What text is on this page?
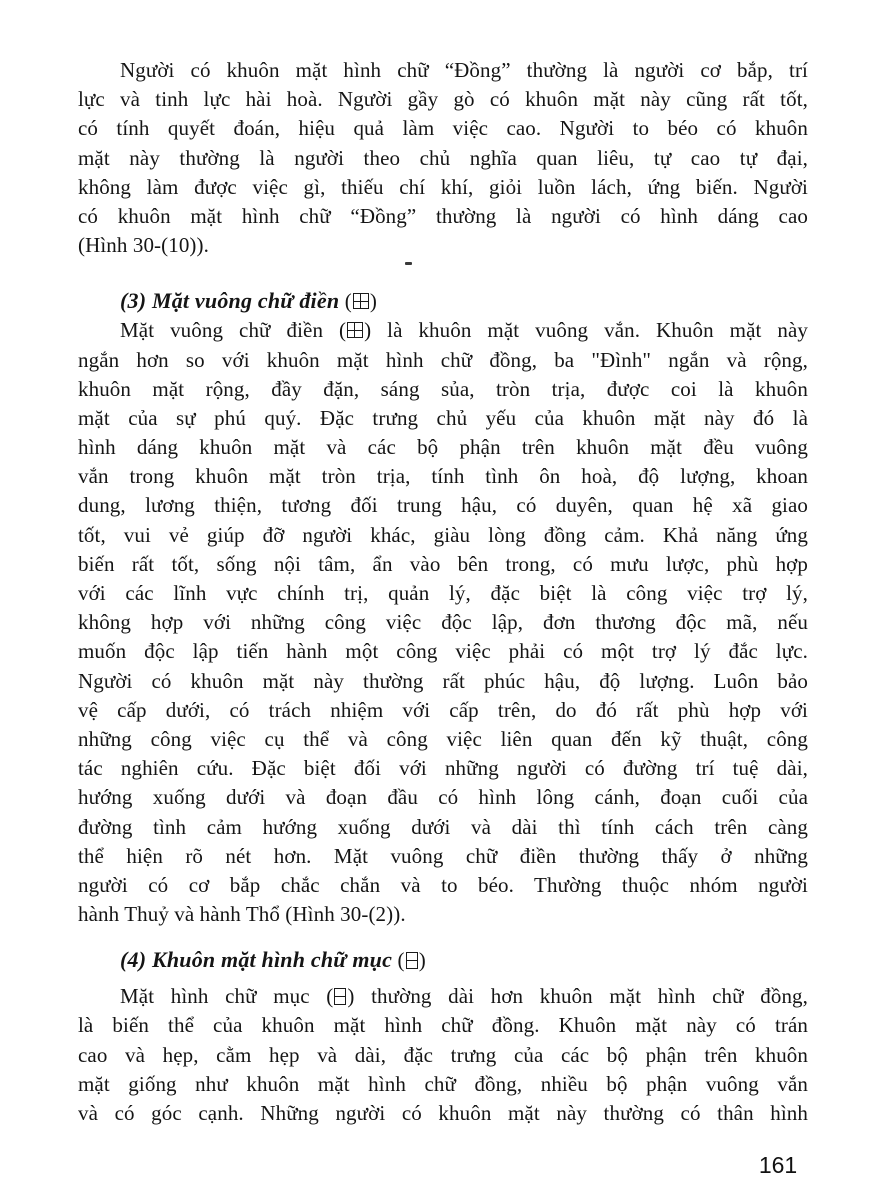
Người có khuôn mặt hình chữ “Đồng” thường là người cơ bắp, trí
lực và tinh lực hài hoà. Người gầy gò có khuôn mặt này cũng rất tốt,
có tính quyết đoán, hiệu quả làm việc cao. Người to béo có khuôn
mặt này thường là người theo chủ nghĩa quan liêu, tự cao tự đại,
không làm được việc gì, thiếu chí khí, giỏi luồn lách, ứng biến. Người
có khuôn mặt hình chữ “Đồng” thường là người có hình dáng cao
(Hình 30-(10)).
(3) Mặt vuông chữ điền ( )
Mặt vuông chữ điền ( ) là khuôn mặt vuông vắn. Khuôn mặt này
ngắn hơn so với khuôn mặt hình chữ đồng, ba "Đình" ngắn và rộng,
khuôn mặt rộng, đầy đặn, sáng sủa, tròn trịa, được coi là khuôn
mặt của sự phú quý. Đặc trưng chủ yếu của khuôn mặt này đó là
hình dáng khuôn mặt và các bộ phận trên khuôn mặt đều vuông
vắn trong khuôn mặt tròn trịa, tính tình ôn hoà, độ lượng, khoan
dung, lương thiện, tương đối trung hậu, có duyên, quan hệ xã giao
tốt, vui vẻ giúp đỡ người khác, giàu lòng đồng cảm. Khả năng ứng
biến rất tốt, sống nội tâm, ẩn vào bên trong, có mưu lược, phù hợp
với các lĩnh vực chính trị, quản lý, đặc biệt là công việc trợ lý,
không hợp với những công việc độc lập, đơn thương độc mã, nếu
muốn độc lập tiến hành một công việc phải có một trợ lý đắc lực.
Người có khuôn mặt này thường rất phúc hậu, độ lượng. Luôn bảo
vệ cấp dưới, có trách nhiệm với cấp trên, do đó rất phù hợp với
những công việc cụ thể và công việc liên quan đến kỹ thuật, công
tác nghiên cứu. Đặc biệt đối với những người có đường trí tuệ dài,
hướng xuống dưới và đoạn đầu có hình lông cánh, đoạn cuối của
đường tình cảm hướng xuống dưới và dài thì tính cách trên càng
thể hiện rõ nét hơn. Mặt vuông chữ điền thường thấy ở những
người có cơ bắp chắc chắn và to béo. Thường thuộc nhóm người
hành Thuỷ và hành Thổ (Hình 30-(2)).
(4) Khuôn mặt hình chữ mục ( )
Mặt hình chữ mục ( ) thường dài hơn khuôn mặt hình chữ đồng,
là biến thể của khuôn mặt hình chữ đồng. Khuôn mặt này có trán
cao và hẹp, cằm hẹp và dài, đặc trưng của các bộ phận trên khuôn
mặt giống như khuôn mặt hình chữ đồng, nhiều bộ phận vuông vắn
và có góc cạnh. Những người có khuôn mặt này thường có thân hình
161
